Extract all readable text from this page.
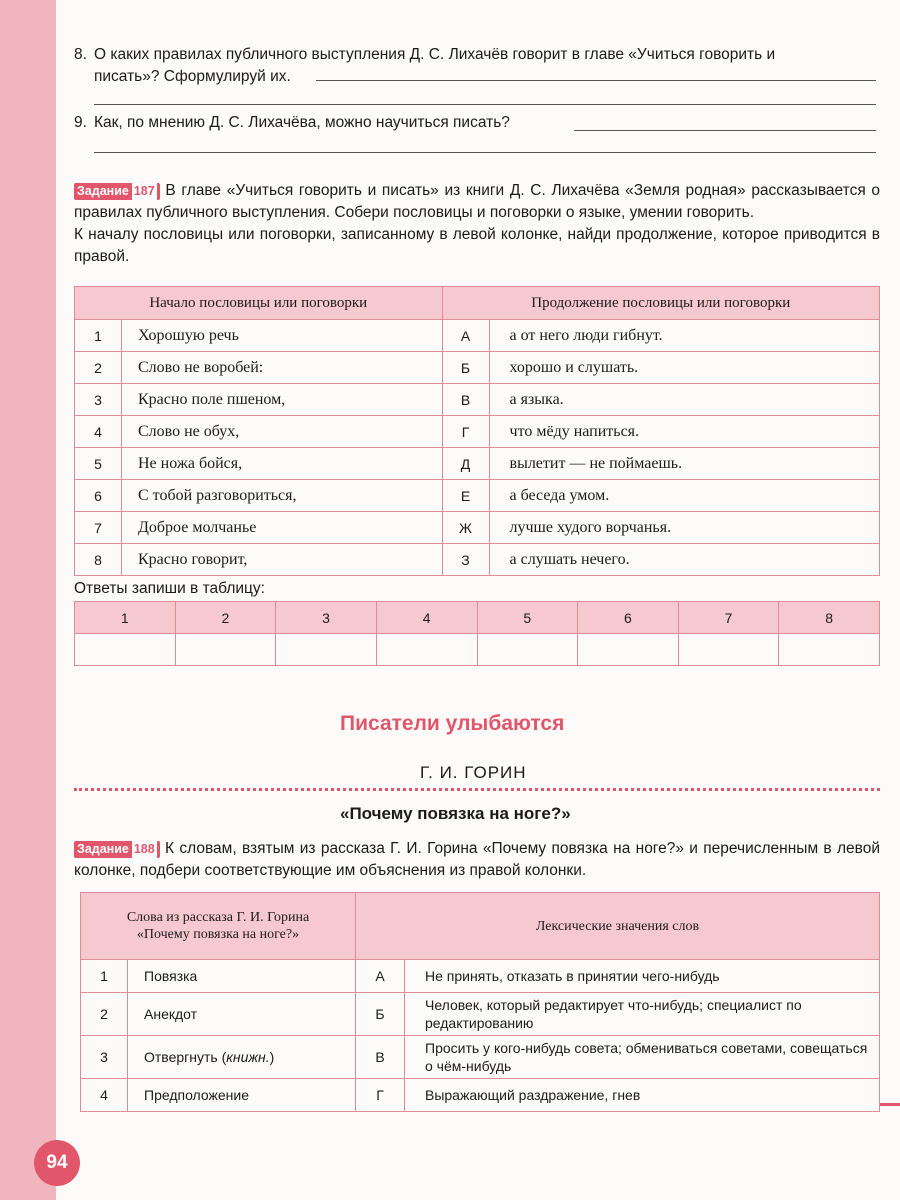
8. О каких правилах публичного выступления Д. С. Лихачёв говорит в главе «Учиться говорить и
писать»? Сформулируй их.
9. Как, по мнению Д. С. Лихачёва, можно научиться писать?
Задание 187 В главе «Учиться говорить и писать» из книги Д. С. Лихачёва «Земля родная» рассказывается о правилах публичного выступления. Собери пословицы и поговорки о языке, умении говорить.
К началу пословицы или поговорки, записанному в левой колонке, найди продолжение, которое приводится в правой.
Начало пословицы или поговорки		Продолжение пословицы или поговорки	
1	Хорошую речь	А	а от него люди гибнут.
2	Слово не воробей:	Б	хорошо и слушать.
3	Красно поле пшеном,	В	а языка.
4	Слово не обух,	Г	что мёду напиться.
5	Не ножа бойся,	Д	вылетит — не поймаешь.
6	С тобой разговориться,	Е	а беседа умом.
7	Доброе молчанье	Ж	лучше худого ворчанья.
8	Красно говорит,	З	а слушать нечего.
Ответы запиши в таблицу:
1	2	3	4	5	6	7	8

Писатели улыбаются
Г. И. ГОРИН
«Почему повязка на ноге?»
Задание 188 К словам, взятым из рассказа Г. И. Горина «Почему повязка на ноге?» и перечисленным в левой колонке, подбери соответствующие им объяснения из правой колонки.
Слова из рассказа Г. И. Горина «Почему повязка на ноге?»		Лексические значения слов	
1	Повязка	А	Не принять, отказать в принятии чего-нибудь
2	Анекдот	Б	Человек, который редактирует что-нибудь; специалист по редактированию
3	Отвергнуть (книжн.)	В	Просить у кого-нибудь совета; обмениваться советами, совещаться о чём-нибудь
4	Предположение	Г	Выражающий раздражение, гнев
94
